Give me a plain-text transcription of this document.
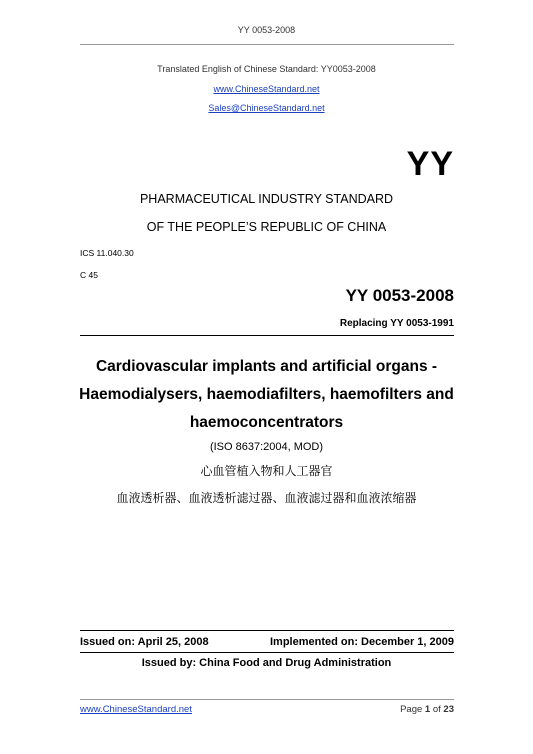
YY 0053-2008
Translated English of Chinese Standard: YY0053-2008
www.ChineseStandard.net
Sales@ChineseStandard.net
YY
PHARMACEUTICAL INDUSTRY STANDARD
OF THE PEOPLE’S REPUBLIC OF CHINA
ICS 11.040.30
C 45
YY 0053-2008
Replacing YY 0053-1991
Cardiovascular implants and artificial organs -
Haemodialysers, haemodiafilters, haemofilters and
haemoconcentrators
(ISO 8637:2004, MOD)
心血管植入物和人工器官
血液透析器、血液透析滤过器、血液滤过器和血液浓缩器
Issued on: April 25, 2008	Implemented on: December 1, 2009
Issued by: China Food and Drug Administration
www.ChineseStandard.net	Page 1 of 23
